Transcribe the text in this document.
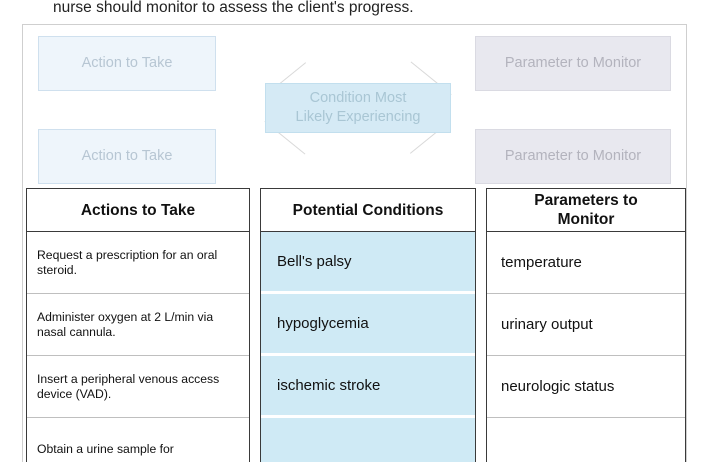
nurse should monitor to assess the client's progress.
Action to Take
Action to Take
Condition Most
Likely Experiencing
Parameter to Monitor
Parameter to Monitor
Actions to Take
Request a prescription for an oral steroid.
Administer oxygen at 2 L/min via nasal cannula.
Insert a peripheral venous access device (VAD).
Obtain a urine sample for
Potential Conditions
Bell's palsy
hypoglycemia
ischemic stroke
Parameters to
Monitor
temperature
urinary output
neurologic status
